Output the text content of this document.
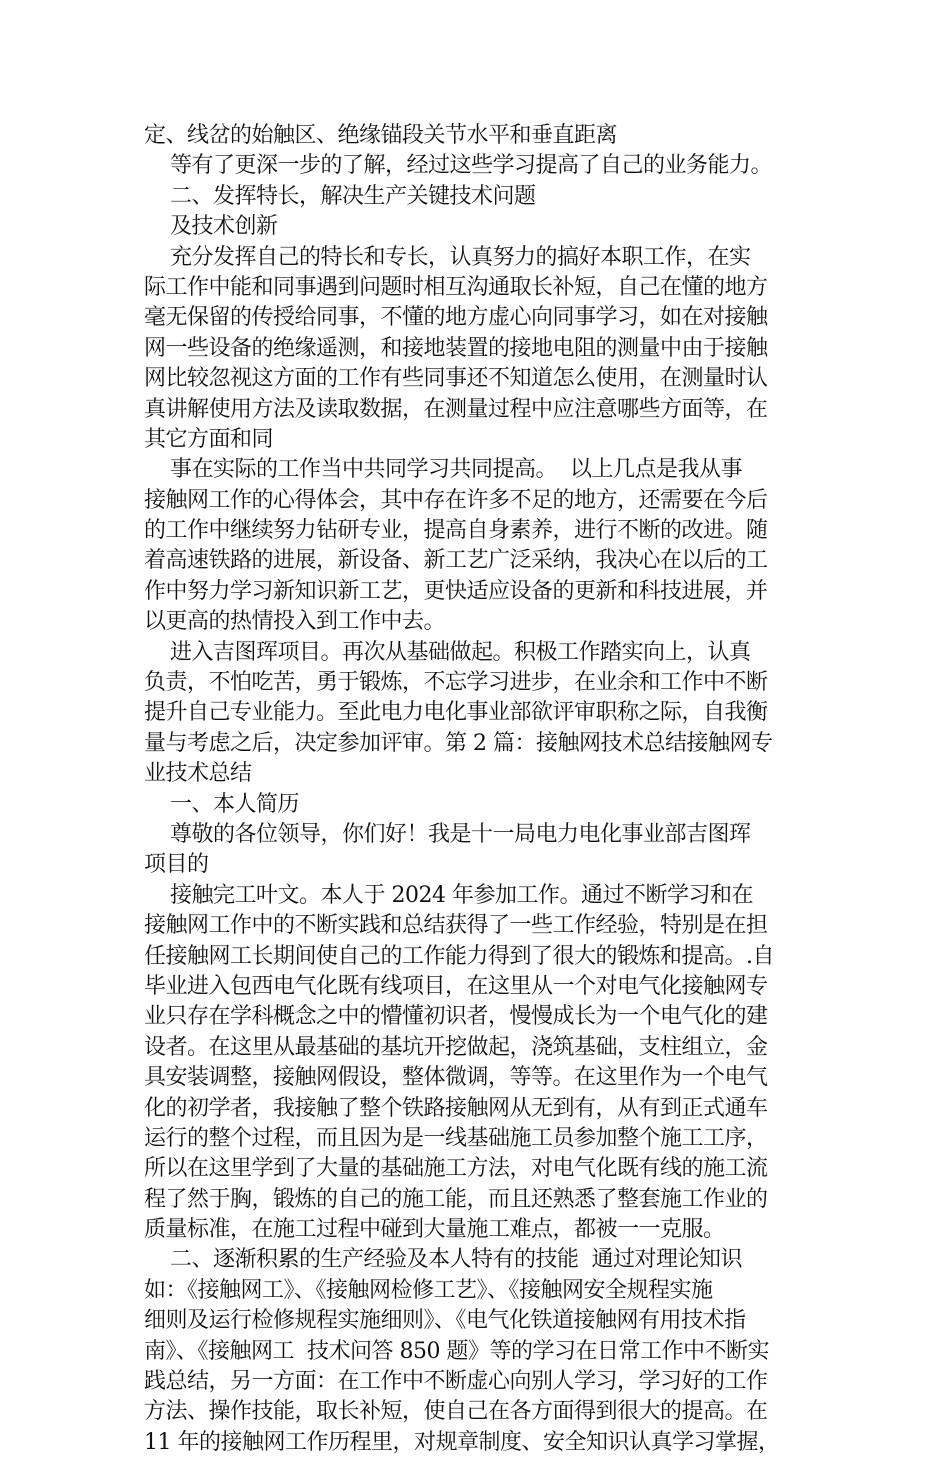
定、线岔的始触区、绝缘锚段关节水平和垂直距离
等有了更深一步的了解，经过这些学习提高了自己的业务能力。
二、发挥特长，解决生产关键技术问题
及技术创新
充分发挥自己的特长和专长，认真努力的搞好本职工作，在实
际工作中能和同事遇到问题时相互沟通取长补短，自己在懂的地方
毫无保留的传授给同事，不懂的地方虚心向同事学习，如在对接触
网一些设备的绝缘遥测，和接地装置的接地电阻的测量中由于接触
网比较忽视这方面的工作有些同事还不知道怎么使用，在测量时认
真讲解使用方法及读取数据，在测量过程中应注意哪些方面等，在
其它方面和同
事在实际的工作当中共同学习共同提高。  以上几点是我从事
接触网工作的心得体会，其中存在许多不足的地方，还需要在今后
的工作中继续努力钻研专业，提高自身素养，进行不断的改进。随
着高速铁路的进展，新设备、新工艺广泛采纳，我决心在以后的工
作中努力学习新知识新工艺，更快适应设备的更新和科技进展，并
以更高的热情投入到工作中去。
进入吉图珲项目。再次从基础做起。积极工作踏实向上，认真
负责，不怕吃苦，勇于锻炼，不忘学习进步，在业余和工作中不断
提升自己专业能力。至此电力电化事业部欲评审职称之际，自我衡
量与考虑之后，决定参加评审。第 2 篇：接触网技术总结接触网专
业技术总结
一、本人简历
尊敬的各位领导，你们好！我是十一局电力电化事业部吉图珲
项目的
接触完工叶文。本人于 2024 年参加工作。通过不断学习和在
接触网工作中的不断实践和总结获得了一些工作经验，特别是在担
任接触网工长期间使自己的工作能力得到了很大的锻炼和提高。.自
毕业进入包西电气化既有线项目，在这里从一个对电气化接触网专
业只存在学科概念之中的懵懂初识者，慢慢成长为一个电气化的建
设者。在这里从最基础的基坑开挖做起，浇筑基础，支柱组立，金
具安装调整，接触网假设，整体微调，等等。在这里作为一个电气
化的初学者，我接触了整个铁路接触网从无到有，从有到正式通车
运行的整个过程，而且因为是一线基础施工员参加整个施工工序，
所以在这里学到了大量的基础施工方法，对电气化既有线的施工流
程了然于胸，锻炼的自己的施工能，而且还熟悉了整套施工作业的
质量标准，在施工过程中碰到大量施工难点，都被一一克服。
二、逐渐积累的生产经验及本人特有的技能  通过对理论知识
如：《接触网工》、《接触网检修工艺》、《接触网安全规程实施
细则及运行检修规程实施细则》、《电气化铁道接触网有用技术指
南》、《接触网工  技术问答 850 题》等的学习在日常工作中不断实
践总结，另一方面：在工作中不断虚心向别人学习，学习好的工作
方法、操作技能，取长补短，使自己在各方面得到很大的提高。在
11 年的接触网工作历程里，对规章制度、安全知识认真学习掌握，
